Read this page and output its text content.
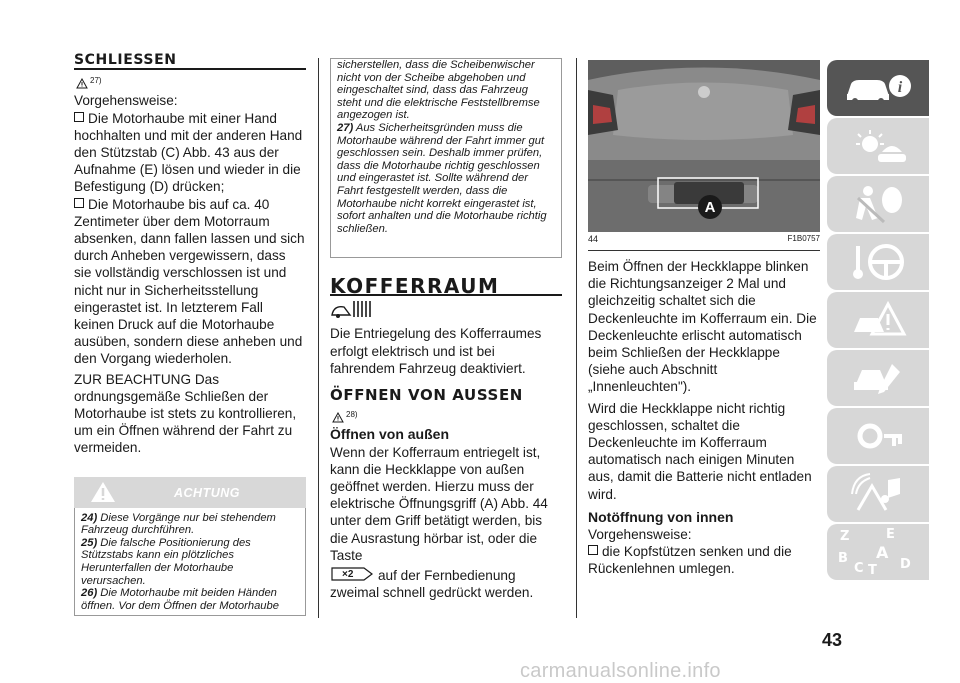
SCHLIESSEN
27)

Vorgehensweise:

Die Motorhaube mit einer Hand hochhalten und mit der anderen Hand den Stützstab (C) Abb. 43 aus der Aufnahme (E) lösen und wieder in die Befestigung (D) drücken;

Die Motorhaube bis auf ca. 40 Zentimeter über dem Motorraum absenken, dann fallen lassen und sich durch Anheben vergewissern, dass sie vollständig verschlossen ist und nicht nur in Sicherheitsstellung eingerastet ist. In letzterem Fall keinen Druck auf die Motorhaube ausüben, sondern diese anheben und den Vorgang wiederholen.

ZUR BEACHTUNG Das ordnungsgemäße Schließen der Motorhaube ist stets zu kontrollieren, um ein Öffnen während der Fahrt zu vermeiden.

ACHTUNG

24) Diese Vorgänge nur bei stehendem Fahrzeug durchführen.

25) Die falsche Positionierung des Stützstabs kann ein plötzliches Herunterfallen der Motorhaube verursachen.

26) Die Motorhaube mit beiden Händen öffnen. Vor dem Öffnen der Motorhaube

sicherstellen, dass die Scheibenwischer nicht von der Scheibe abgehoben und eingeschaltet sind, dass das Fahrzeug steht und die elektrische Feststellbremse angezogen ist.

27) Aus Sicherheitsgründen muss die Motorhaube während der Fahrt immer gut geschlossen sein. Deshalb immer prüfen, dass die Motorhaube richtig geschlossen und eingerastet ist. Sollte während der Fahrt festgestellt werden, dass die Motorhaube nicht korrekt eingerastet ist, sofort anhalten und die Motorhaube richtig schließen.

KOFFERRAUM

Die Entriegelung des Kofferraumes erfolgt elektrisch und ist bei fahrendem Fahrzeug deaktiviert.

ÖFFNEN VON AUSSEN
28)

Öffnen von außen

Wenn der Kofferraum entriegelt ist, kann die Heckklappe von außen geöffnet werden. Hierzu muss der elektrische Öffnungsgriff (A) Abb. 44 unter dem Griff betätigt werden, bis die Ausrastung hörbar ist, oder die Taste

×2 auf der Fernbedienung zweimal schnell gedrückt werden.

A
44	F1B0757

Beim Öffnen der Heckklappe blinken die Richtungsanzeiger 2 Mal und gleichzeitig schaltet sich die Deckenleuchte im Kofferraum ein. Die Deckenleuchte erlischt automatisch beim Schließen der Heckklappe (siehe auch Abschnitt „Innenleuchten").

Wird die Heckklappe nicht richtig geschlossen, schaltet die Deckenleuchte im Kofferraum automatisch nach einigen Minuten aus, damit die Batterie nicht entladen wird.

Notöffnung von innen

Vorgehensweise:

die Kopfstützen senken und die Rückenlehnen umlegen.

i
Z	E
B A
C T D
43
carmanualsonline.info
